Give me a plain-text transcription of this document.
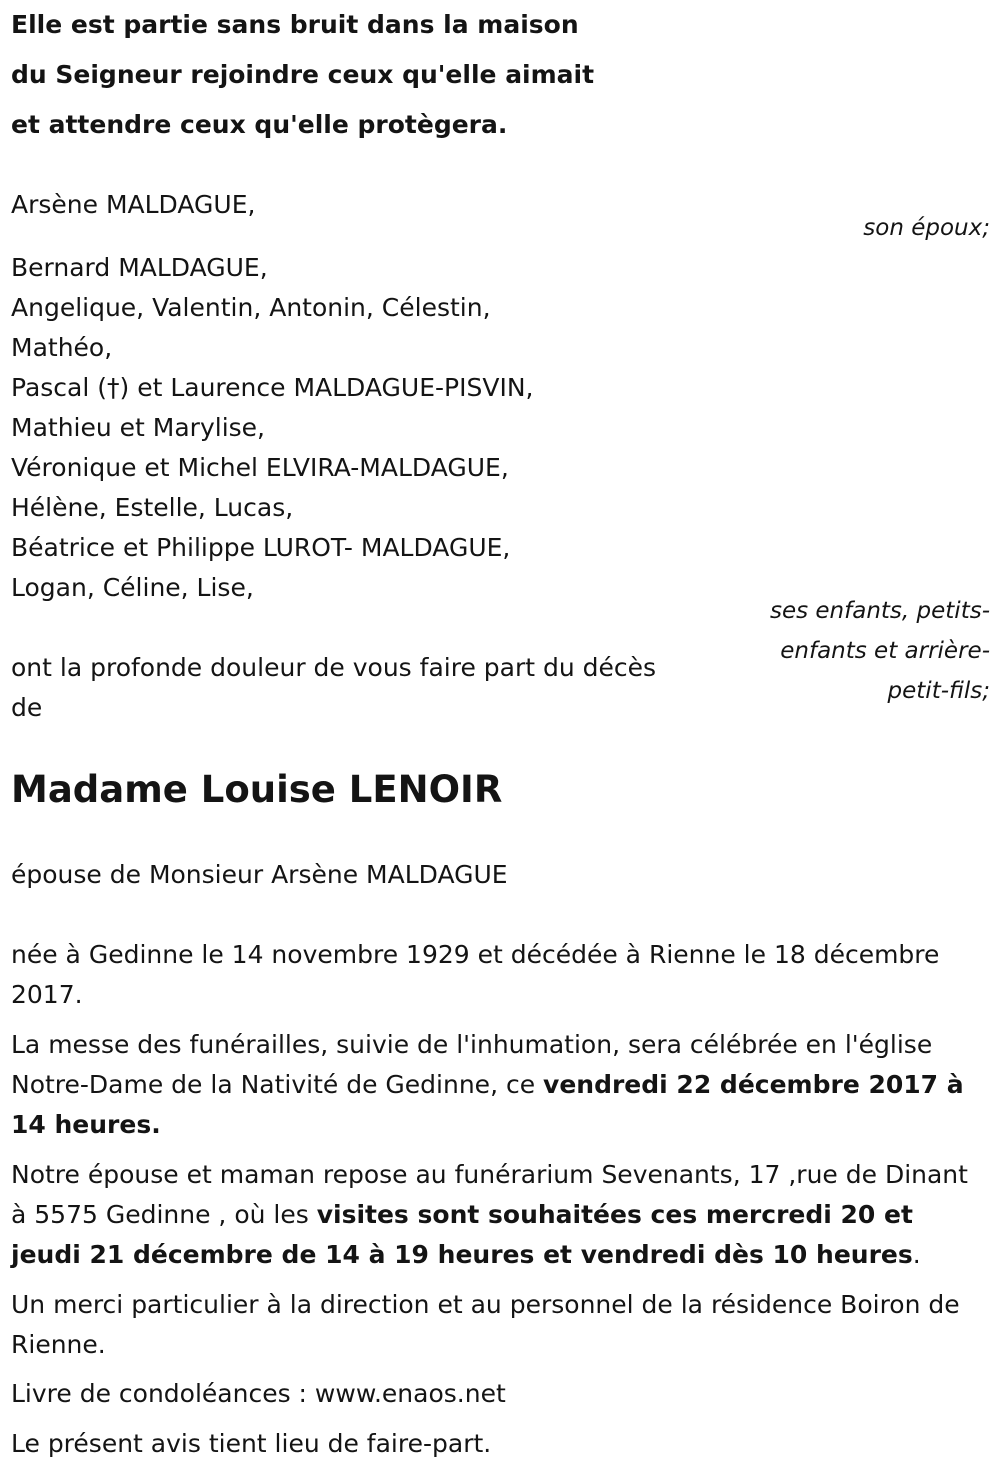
Elle est partie sans bruit dans la maison
du Seigneur rejoindre ceux qu'elle aimait
et attendre ceux qu'elle protègera.
Arsène MALDAGUE,
son époux;
Bernard MALDAGUE,
Angelique, Valentin, Antonin, Célestin,
Mathéo,
Pascal (†) et Laurence MALDAGUE-PISVIN,
Mathieu et Marylise,
Véronique et Michel ELVIRA-MALDAGUE,
Hélène, Estelle, Lucas,
Béatrice et Philippe LUROT- MALDAGUE,
Logan, Céline, Lise,
ses enfants, petits-
enfants et arrière-
petit-fils;
ont la profonde douleur de vous faire part du décès
de
Madame Louise LENOIR
épouse de Monsieur Arsène MALDAGUE
née à Gedinne le 14 novembre 1929 et décédée à Rienne le 18 décembre 2017.
La messe des funérailles, suivie de l'inhumation, sera célébrée en l'église Notre-Dame de la Nativité de Gedinne, ce vendredi 22 décembre 2017 à 14 heures.
Notre épouse et maman repose au funérarium Sevenants, 17 ,rue de Dinant à 5575 Gedinne , où les visites sont souhaitées ces mercredi 20 et jeudi 21 décembre de 14 à 19 heures et vendredi dès 10 heures.
Un merci particulier à la direction et au personnel de la résidence Boiron de Rienne.
Livre de condoléances : www.enaos.net
Le présent avis tient lieu de faire-part.
